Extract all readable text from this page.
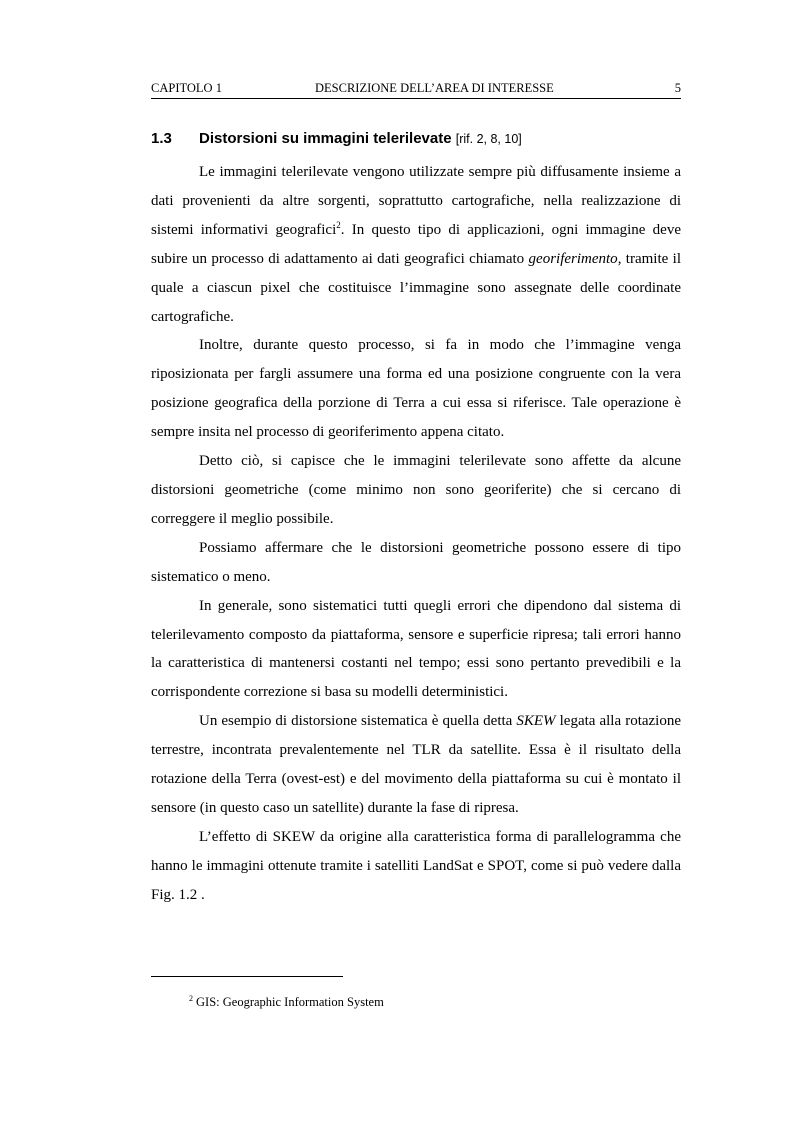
CAPITOLO 1	DESCRIZIONE DELL’AREA DI INTERESSE	5
1.3 Distorsioni su immagini telerilevate [rif. 2, 8, 10]

Le immagini telerilevate vengono utilizzate sempre più diffusamente insieme a dati provenienti da altre sorgenti, soprattutto cartografiche, nella realizzazione di sistemi informativi geografici$^2$. In questo tipo di applicazioni, ogni immagine deve subire un processo di adattamento ai dati geografici chiamato georiferimento, tramite il quale a ciascun pixel che costituisce l’immagine sono assegnate delle coordinate cartografiche.

Inoltre, durante questo processo, si fa in modo che l’immagine venga riposizionata per fargli assumere una forma ed una posizione congruente con la vera posizione geografica della porzione di Terra a cui essa si riferisce. Tale operazione è sempre insita nel processo di georiferimento appena citato.

Detto ciò, si capisce che le immagini telerilevate sono affette da alcune distorsioni geometriche (come minimo non sono georiferite) che si cercano di correggere il meglio possibile.

Possiamo affermare che le distorsioni geometriche possono essere di tipo sistematico o meno.

In generale, sono sistematici tutti quegli errori che dipendono dal sistema di telerilevamento composto da piattaforma, sensore e superficie ripresa; tali errori hanno la caratteristica di mantenersi costanti nel tempo; essi sono pertanto prevedibili e la corrispondente correzione si basa su modelli deterministici.

Un esempio di distorsione sistematica è quella detta SKEW legata alla rotazione terrestre, incontrata prevalentemente nel TLR da satellite. Essa è il risultato della rotazione della Terra (ovest-est) e del movimento della piattaforma su cui è montato il sensore (in questo caso un satellite) durante la fase di ripresa.

L’effetto di SKEW da origine alla caratteristica forma di parallelogramma che hanno le immagini ottenute tramite i satelliti LandSat e SPOT, come si può vedere dalla Fig. 1.2 .

$^2$ GIS: Geographic Information System
